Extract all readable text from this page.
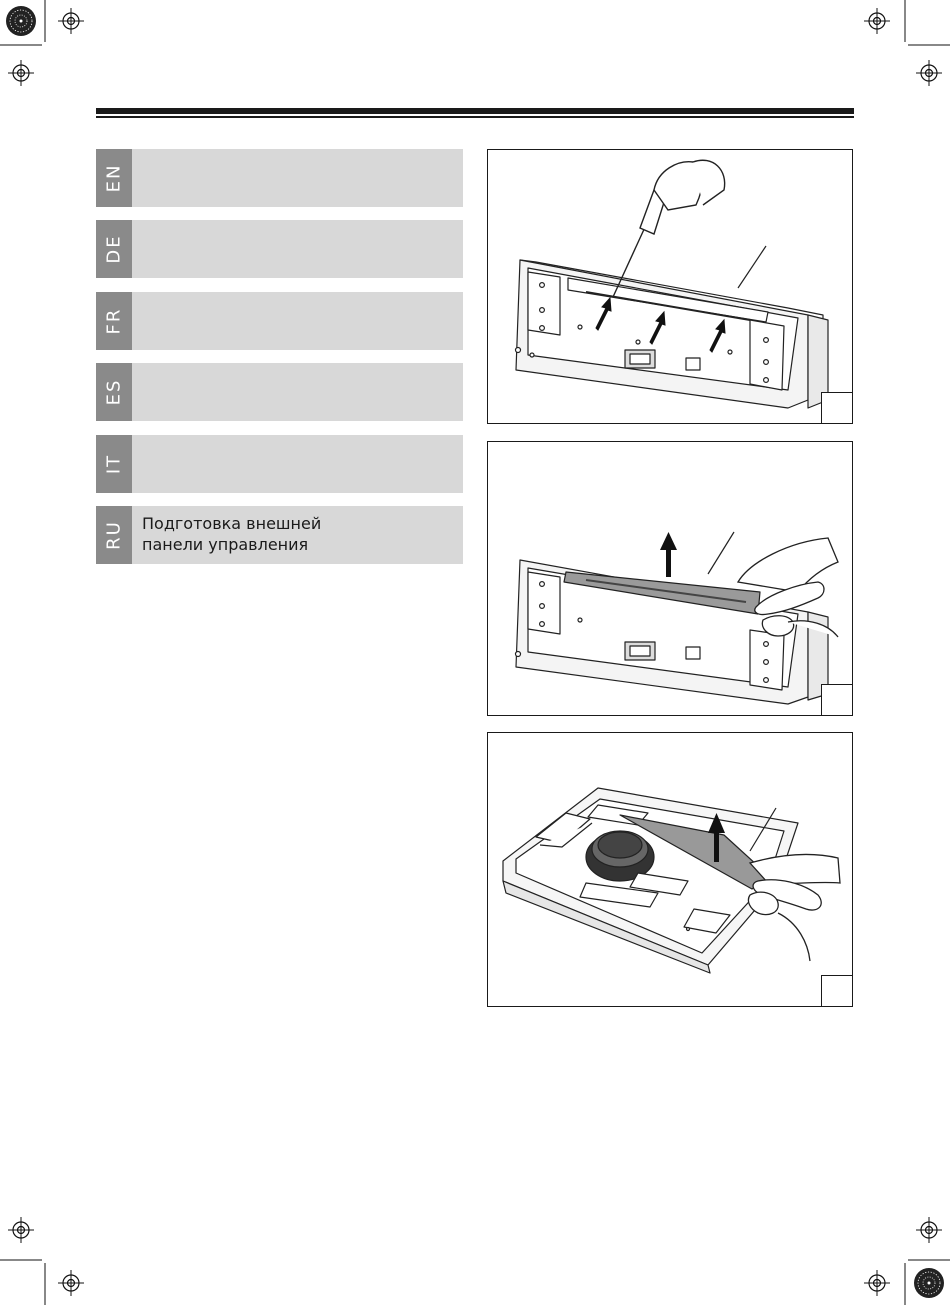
EN
DE
FR
ES
IT
RU Подготовка внешней
панели управления
